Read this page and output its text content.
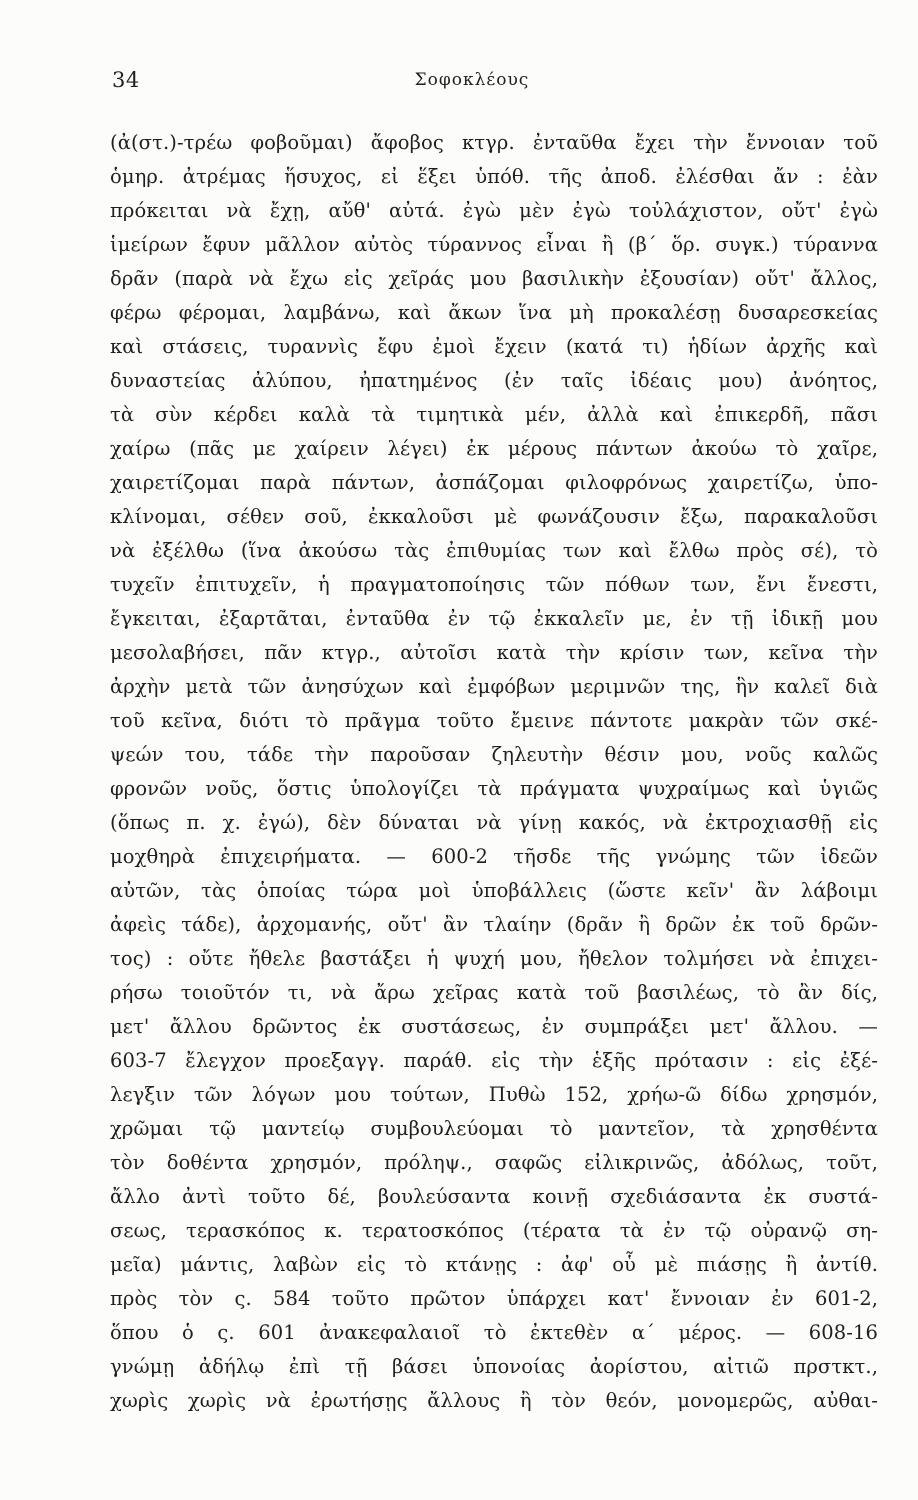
34	Σοφοκλέους
(ἀ(στ.)-τρέω φοβοῦμαι) ἄφοβος κτγρ. ἐνταῦθα ἔχει τὴν ἔννοιαν τοῦ
ὁμηρ. ἀτρέμας ἥσυχος, εἰ ἕξει ὑπόθ. τῆς ἀποδ. ἐλέσθαι ἄν : ἐὰν
πρόκειται νὰ ἔχῃ, αὔθ' αὐτά. ἐγὼ μὲν ἐγὼ τοὐλάχιστον, οὔτ' ἐγὼ
ἱμείρων ἔφυν μᾶλλον αὐτὸς τύραννος εἶναι ἢ (β΄ ὅρ. συγκ.) τύραννα
δρᾶν (παρὰ νὰ ἔχω εἰς χεῖράς μου βασιλικὴν ἐξουσίαν) οὔτ' ἄλλος,
φέρω φέρομαι, λαμβάνω, καὶ ἄκων ἵνα μὴ προκαλέσῃ δυσαρεσκείας
καὶ στάσεις, τυραννὶς ἔφυ ἐμοὶ ἔχειν (κατά τι) ἡδίων ἀρχῆς καὶ
δυναστείας ἀλύπου, ἠπατημένος (ἐν ταῖς ἰδέαις μου) ἀνόητος,
τὰ σὺν κέρδει καλὰ τὰ τιμητικὰ μέν, ἀλλὰ καὶ ἐπικερδῆ, πᾶσι
χαίρω (πᾶς με χαίρειν λέγει) ἐκ μέρους πάντων ἀκούω τὸ χαῖρε,
χαιρετίζομαι παρὰ πάντων, ἀσπάζομαι φιλοφρόνως χαιρετίζω, ὑπο-
κλίνομαι, σέθεν σοῦ, ἐκκαλοῦσι μὲ φωνάζουσιν ἔξω, παρακαλοῦσι
νὰ ἐξέλθω (ἵνα ἀκούσω τὰς ἐπιθυμίας των καὶ ἔλθω πρὸς σέ), τὸ
τυχεῖν ἐπιτυχεῖν, ἡ πραγματοποίησις τῶν πόθων των, ἔνι ἔνεστι,
ἔγκειται, ἐξαρτᾶται, ἐνταῦθα ἐν τῷ ἐκκαλεῖν με, ἐν τῇ ἰδικῇ μου
μεσολαβήσει, πᾶν κτγρ., αὐτοῖσι κατὰ τὴν κρίσιν των, κεῖνα τὴν
ἀρχὴν μετὰ τῶν ἀνησύχων καὶ ἐμφόβων μεριμνῶν της, ἣν καλεῖ διὰ
τοῦ κεῖνα, διότι τὸ πρᾶγμα τοῦτο ἔμεινε πάντοτε μακρὰν τῶν σκέ-
ψεών του, τάδε τὴν παροῦσαν ζηλευτὴν θέσιν μου, νοῦς καλῶς
φρονῶν νοῦς, ὅστις ὑπολογίζει τὰ πράγματα ψυχραίμως καὶ ὑγιῶς
(ὅπως π. χ. ἐγώ), δὲν δύναται νὰ γίνῃ κακός, νὰ ἐκτροχιασθῇ εἰς
μοχθηρὰ ἐπιχειρήματα. — 600-2 τῆσδε τῆς γνώμης τῶν ἰδεῶν
αὐτῶν, τὰς ὁποίας τώρα μοὶ ὑποβάλλεις (ὥστε κεῖν' ἂν λάβοιμι
ἀφεὶς τάδε), ἀρχομανής, οὔτ' ἂν τλαίην (δρᾶν ἢ δρῶν ἐκ τοῦ δρῶν-
τος) : οὔτε ἤθελε βαστάξει ἡ ψυχή μου, ἤθελον τολμήσει νὰ ἐπιχει-
ρήσω τοιοῦτόν τι, νὰ ἄρω χεῖρας κατὰ τοῦ βασιλέως, τὸ ἂν δίς,
μετ' ἄλλου δρῶντος ἐκ συστάσεως, ἐν συμπράξει μετ' ἄλλου. —
603-7 ἔλεγχον προεξαγγ. παράθ. εἰς τὴν ἑξῆς πρότασιν : εἰς ἐξέ-
λεγξιν τῶν λόγων μου τούτων, Πυθὼ 152, χρήω-ῶ δίδω χρησμόν,
χρῶμαι τῷ μαντείῳ συμβουλεύομαι τὸ μαντεῖον, τὰ χρησθέντα
τὸν δοθέντα χρησμόν, πρόληψ., σαφῶς εἰλικρινῶς, ἀδόλως, τοῦτ,
ἄλλο ἀντὶ τοῦτο δέ, βουλεύσαντα κοινῇ σχεδιάσαντα ἐκ συστά-
σεως, τερασκόπος κ. τερατοσκόπος (τέρατα τὰ ἐν τῷ οὐρανῷ ση-
μεῖα) μάντις, λαβὼν εἰς τὸ κτάνῃς : ἀφ' οὗ μὲ πιάσῃς ἢ ἀντίθ.
πρὸς τὸν ς. 584 τοῦτο πρῶτον ὑπάρχει κατ' ἔννοιαν ἐν 601-2,
ὅπου ὁ ς. 601 ἀνακεφαλαιοῖ τὸ ἐκτεθὲν α΄ μέρος. — 608-16
γνώμῃ ἀδήλῳ ἐπὶ τῇ βάσει ὑπονοίας ἀορίστου, αἰτιῶ πρστκτ.,
χωρὶς χωρὶς νὰ ἐρωτήσῃς ἄλλους ἢ τὸν θεόν, μονομερῶς, αὐθαι-
